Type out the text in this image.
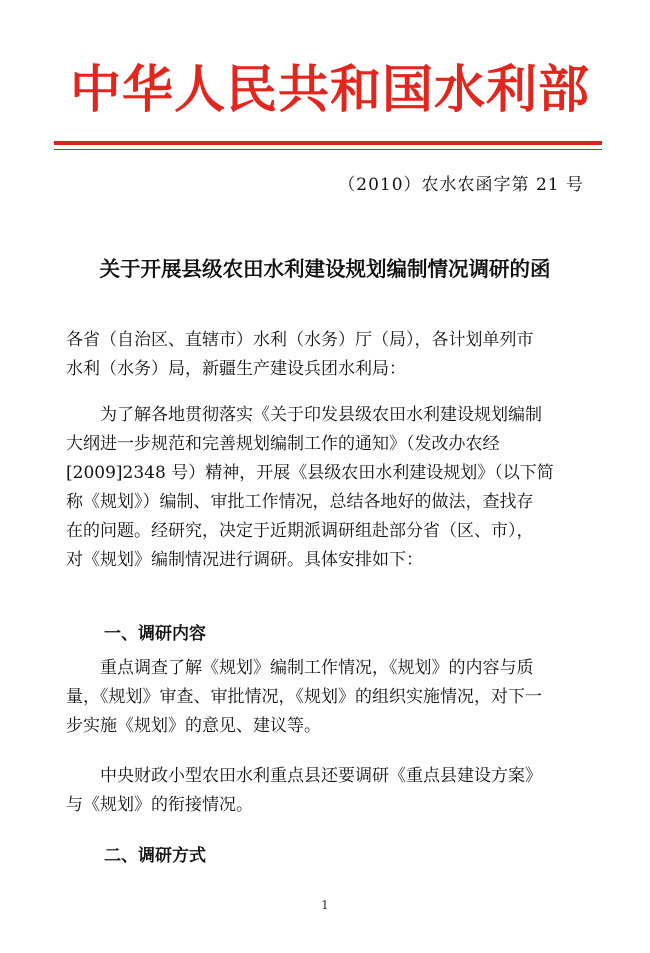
中华人民共和国水利部
（2010）农水农函字第 21 号
关于开展县级农田水利建设规划编制情况调研的函
各省（自治区、直辖市）水利（水务）厅（局），各计划单列市
水利（水务）局，新疆生产建设兵团水利局：
　　为了解各地贯彻落实《关于印发县级农田水利建设规划编制
大纲进一步规范和完善规划编制工作的通知》（发改办农经
[2009]2348 号）精神，开展《县级农田水利建设规划》（以下简
称《规划》）编制、审批工作情况，总结各地好的做法，查找存
在的问题。经研究，决定于近期派调研组赴部分省（区、市），
对《规划》编制情况进行调研。具体安排如下：
一、调研内容
　　重点调查了解《规划》编制工作情况，《规划》的内容与质
量，《规划》审查、审批情况，《规划》的组织实施情况，对下一
步实施《规划》的意见、建议等。
　　中央财政小型农田水利重点县还要调研《重点县建设方案》
与《规划》的衔接情况。
二、调研方式
1
